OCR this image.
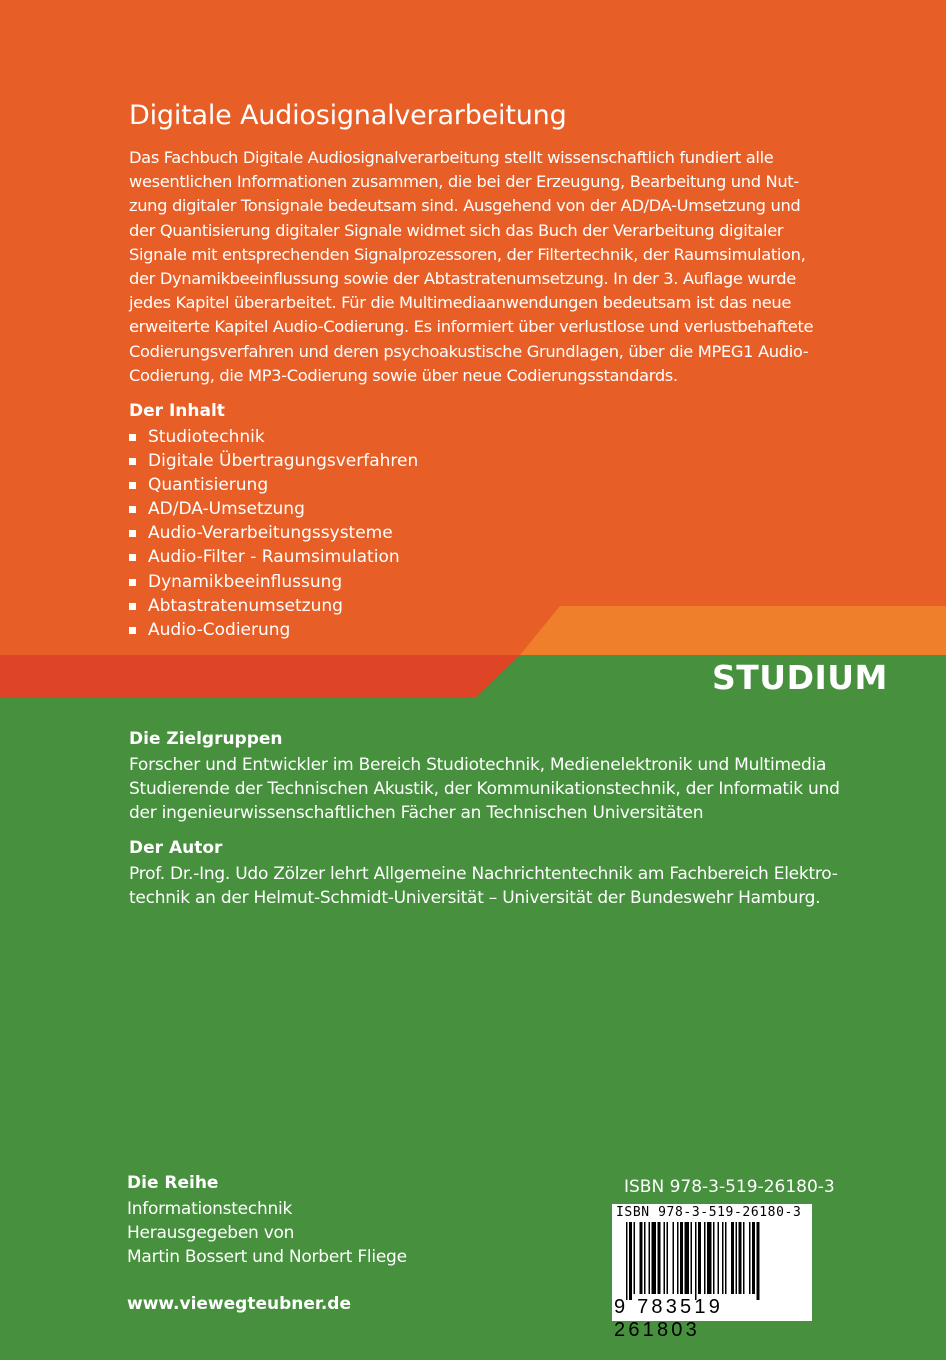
Digitale Audiosignalverarbeitung
Das Fachbuch Digitale Audiosignalverarbeitung stellt wissenschaftlich fundiert alle
wesentlichen Informationen zusammen, die bei der Erzeugung, Bearbeitung und Nut-
zung digitaler Tonsignale bedeutsam sind. Ausgehend von der AD/DA-Umsetzung und
der Quantisierung digitaler Signale widmet sich das Buch der Verarbeitung digitaler
Signale mit entsprechenden Signalprozessoren, der Filtertechnik, der Raumsimulation,
der Dynamikbeeinflussung sowie der Abtastratenumsetzung. In der 3. Auflage wurde
jedes Kapitel überarbeitet. Für die Multimediaanwendungen bedeutsam ist das neue
erweiterte Kapitel Audio-Codierung. Es informiert über verlustlose und verlustbehaftete
Codierungsverfahren und deren psychoakustische Grundlagen, über die MPEG1 Audio-
Codierung, die MP3-Codierung sowie über neue Codierungsstandards.
Der Inhalt
Studiotechnik
Digitale Übertragungsverfahren
Quantisierung
AD/DA-Umsetzung
Audio-Verarbeitungssysteme
Audio-Filter - Raumsimulation
Dynamikbeeinflussung
Abtastratenumsetzung
Audio-Codierung
STUDIUM
Die Zielgruppen
Forscher und Entwickler im Bereich Studiotechnik, Medienelektronik und Multimedia
Studierende der Technischen Akustik, der Kommunikationstechnik, der Informatik und
der ingenieurwissenschaftlichen Fächer an Technischen Universitäten
Der Autor
Prof. Dr.-Ing. Udo Zölzer lehrt Allgemeine Nachrichtentechnik am Fachbereich Elektro-
technik an der Helmut-Schmidt-Universität – Universität der Bundeswehr Hamburg.
Die Reihe
Informationstechnik
Herausgegeben von
Martin Bossert und Norbert Fliege
www.viewegteubner.de
ISBN 978-3-519-26180-3
ISBN 978-3-519-26180-3
9 783519 261803
